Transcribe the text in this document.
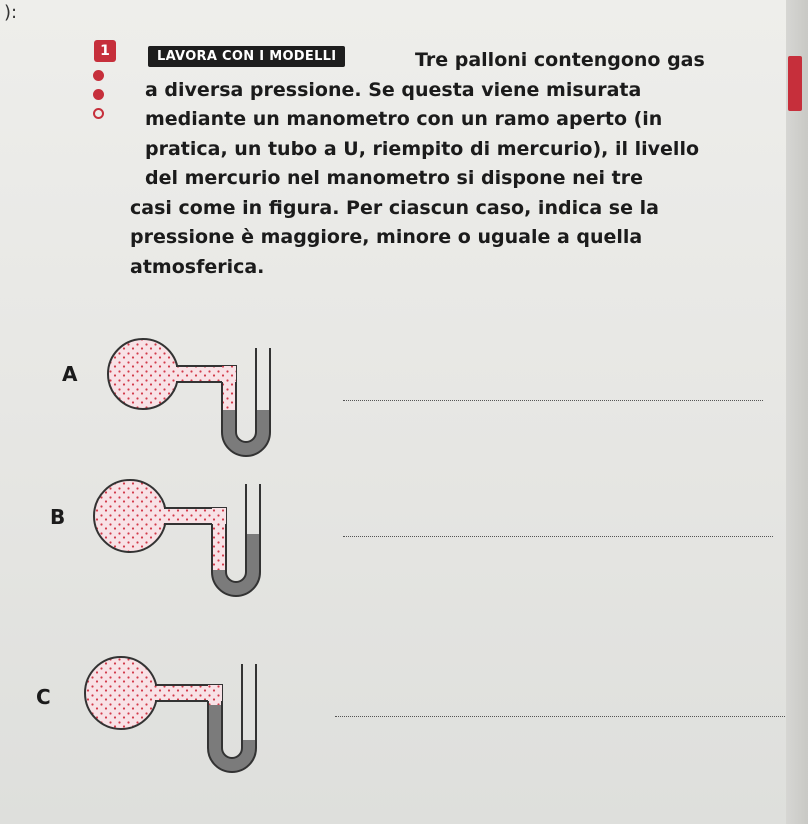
):
1	LAVORA CON I MODELLI	Tre palloni contengono gas
a diversa pressione. Se questa viene misurata
mediante un manometro con un ramo aperto (in
pratica, un tubo a U, riempito di mercurio), il livello
del mercurio nel manometro si dispone nei tre
casi come in figura. Per ciascun caso, indica se la
pressione è maggiore, minore o uguale a quella
atmosferica.
A
B
C
